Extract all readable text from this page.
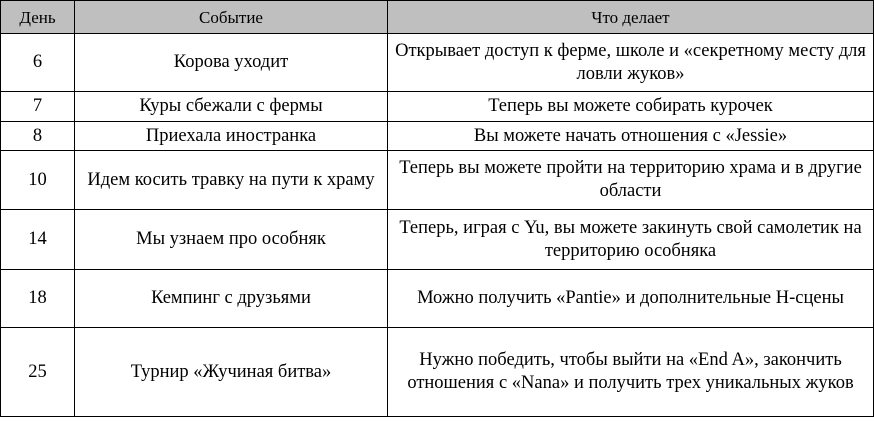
День	Событие	Что делает
6	Корова уходит	Открывает доступ к ферме, школе и «секретному месту для ловли жуков»
7	Куры сбежали с фермы	Теперь вы можете собирать курочек
8	Приехала иностранка	Вы можете начать отношения с «Jessie»
10	Идем косить травку на пути к храму	Теперь вы можете пройти на территорию храма и в другие области
14	Мы узнаем про особняк	Теперь, играя с Yu, вы можете закинуть свой самолетик на территорию особняка
18	Кемпинг с друзьями	Можно получить «Pantie» и дополнительные H-сцены
25	Турнир «Жучиная битва»	Нужно победить, чтобы выйти на «End A», закончить отношения с «Nana» и получить трех уникальных жуков
